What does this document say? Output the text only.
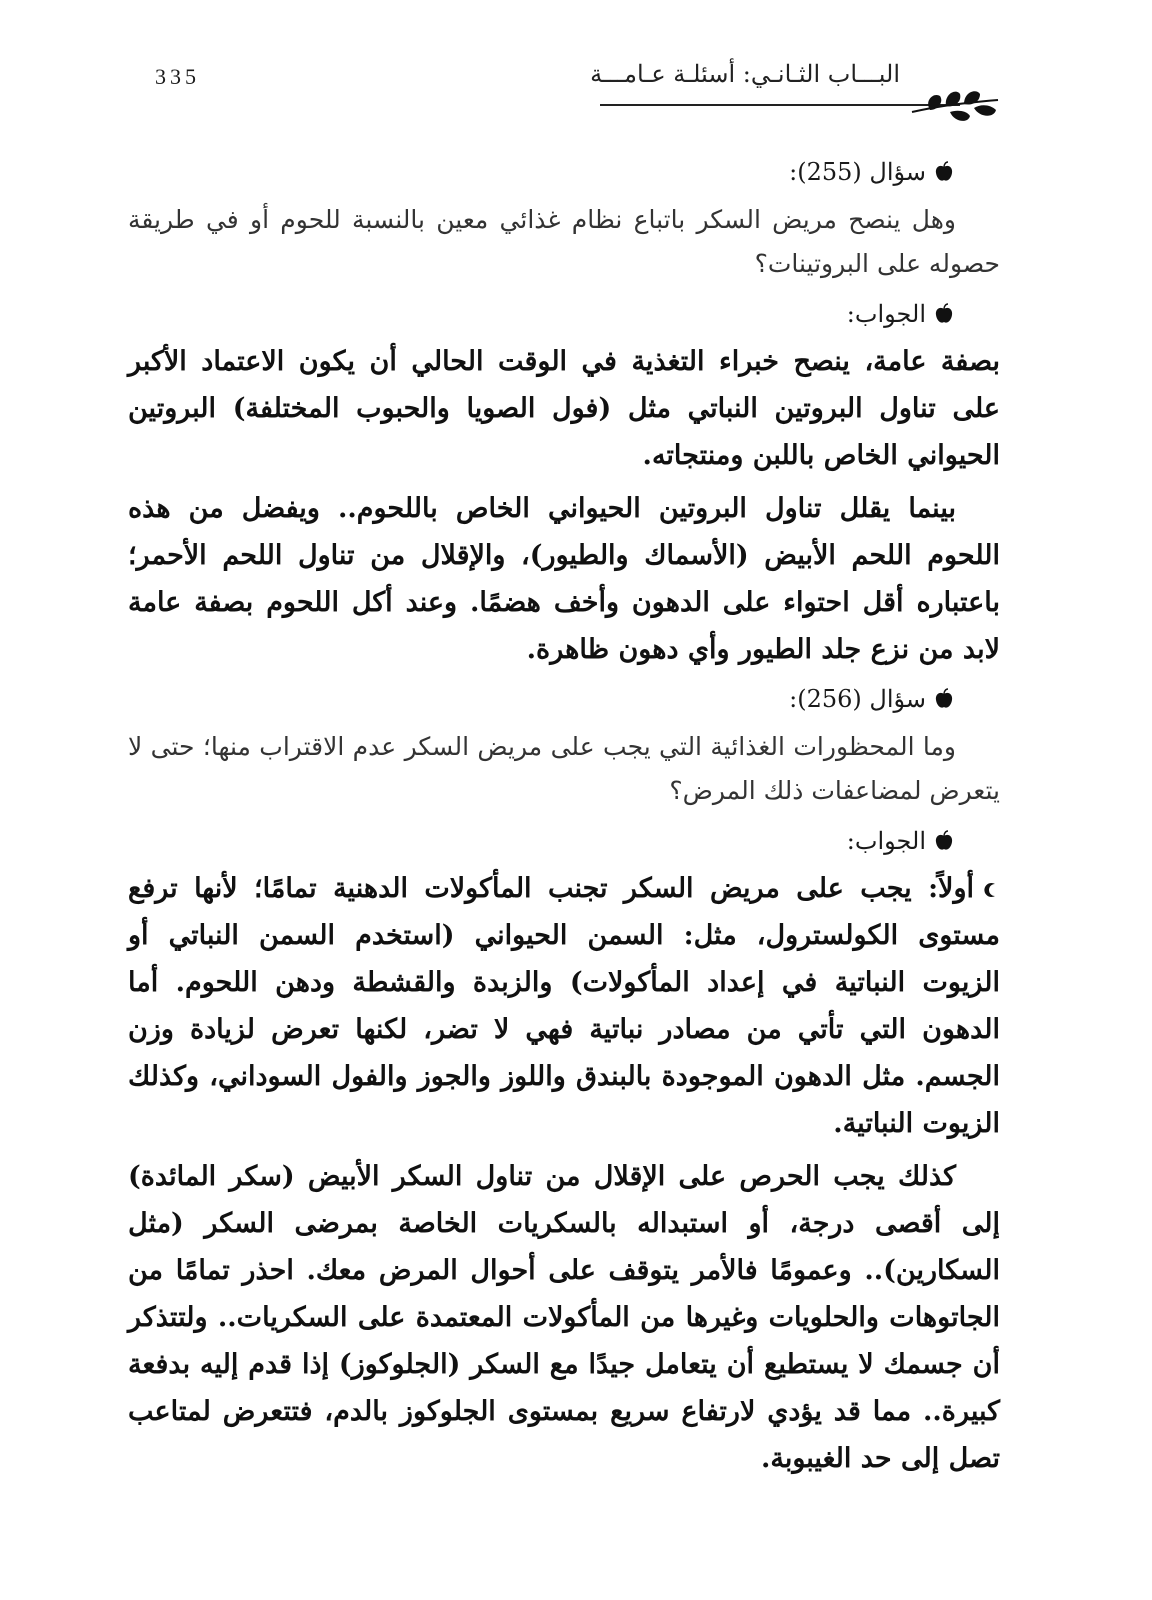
335	البـــاب الثـانـي: أسئلـة عـامـــة
سؤال (255):

وهل ينصح مريض السكر باتباع نظام غذائي معين بالنسبة للحوم أو في طريقة حصوله على البروتينات؟

الجواب:

بصفة عامة، ينصح خبراء التغذية في الوقت الحالي أن يكون الاعتماد الأكبر على تناول البروتين النباتي مثل (فول الصويا والحبوب المختلفة) البروتين الحيواني الخاص باللبن ومنتجاته.

بينما يقلل تناول البروتين الحيواني الخاص باللحوم.. ويفضل من هذه اللحوم اللحم الأبيض (الأسماك والطيور)، والإقلال من تناول اللحم الأحمر؛ باعتباره أقل احتواء على الدهون وأخف هضمًا. وعند أكل اللحوم بصفة عامة لابد من نزع جلد الطيور وأي دهون ظاهرة.

سؤال (256):

وما المحظورات الغذائية التي يجب على مريض السكر عدم الاقتراب منها؛ حتى لا يتعرض لمضاعفات ذلك المرض؟

الجواب:

أولاً: يجب على مريض السكر تجنب المأكولات الدهنية تمامًا؛ لأنها ترفع مستوى الكولسترول، مثل: السمن الحيواني (استخدم السمن النباتي أو الزيوت النباتية في إعداد المأكولات) والزبدة والقشطة ودهن اللحوم. أما الدهون التي تأتي من مصادر نباتية فهي لا تضر، لكنها تعرض لزيادة وزن الجسم. مثل الدهون الموجودة بالبندق واللوز والجوز والفول السوداني، وكذلك الزيوت النباتية.

كذلك يجب الحرص على الإقلال من تناول السكر الأبيض (سكر المائدة) إلى أقصى درجة، أو استبداله بالسكريات الخاصة بمرضى السكر (مثل السكارين).. وعمومًا فالأمر يتوقف على أحوال المرض معك. احذر تمامًا من الجاتوهات والحلويات وغيرها من المأكولات المعتمدة على السكريات.. ولتتذكر أن جسمك لا يستطيع أن يتعامل جيدًا مع السكر (الجلوكوز) إذا قدم إليه بدفعة كبيرة.. مما قد يؤدي لارتفاع سريع بمستوى الجلوكوز بالدم، فتتعرض لمتاعب تصل إلى حد الغيبوبة.
